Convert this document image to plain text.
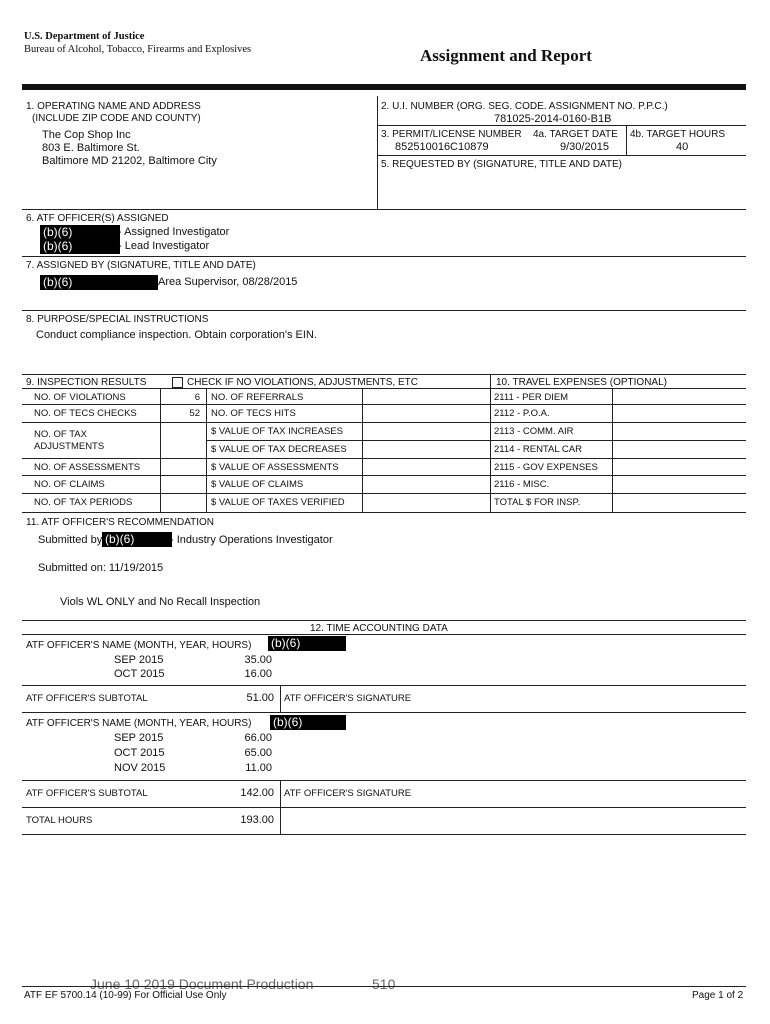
U.S. Department of Justice
Bureau of Alcohol, Tobacco, Firearms and Explosives	Assignment and Report
1. OPERATING NAME AND ADDRESS
(INCLUDE ZIP CODE AND COUNTY)
The Cop Shop Inc
803 E. Baltimore St.
Baltimore MD 21202, Baltimore City
2. U.I. NUMBER (ORG. SEG. CODE. ASSIGNMENT NO. P.P.C.)
781025-2014-0160-B1B
3. PERMIT/LICENSE NUMBER 4a. TARGET DATE 4b. TARGET HOURS
852510016C10879	9/30/2015	40
5. REQUESTED BY (SIGNATURE, TITLE AND DATE)
6. ATF OFFICER(S) ASSIGNED
(b)(6)	- Assigned Investigator
(b)(6)	- Lead Investigator
7. ASSIGNED BY (SIGNATURE, TITLE AND DATE)
(b)(6)	Area Supervisor, 08/28/2015
8. PURPOSE/SPECIAL INSTRUCTIONS
Conduct compliance inspection. Obtain corporation's EIN.
9. INSPECTION RESULTS	CHECK IF NO VIOLATIONS, ADJUSTMENTS, ETC	10. TRAVEL EXPENSES (OPTIONAL)
NO. OF VIOLATIONS	6 NO. OF REFERRALS	2111 - PER DIEM
NO. OF TECS CHECKS	52 NO. OF TECS HITS	2112 - P.O.A.
NO. OF TAX ADJUSTMENTS
$ VALUE OF TAX INCREASES	2113 - COMM. AIR
$ VALUE OF TAX DECREASES	2114 - RENTAL CAR
NO. OF ASSESSMENTS	$ VALUE OF ASSESSMENTS	2115 - GOV EXPENSES
NO. OF CLAIMS	$ VALUE OF CLAIMS	2116 - MISC.
NO. OF TAX PERIODS	$ VALUE OF TAXES VERIFIED	TOTAL $ FOR INSP.
11. ATF OFFICER'S RECOMMENDATION
Submitted by (b)(6)	- Industry Operations Investigator
Submitted on: 11/19/2015
Viols WL ONLY and No Recall Inspection
12. TIME ACCOUNTING DATA
ATF OFFICER'S NAME (MONTH, YEAR, HOURS) (b)(6)
SEP 2015	35.00
OCT 2015	16.00
ATF OFFICER'S SUBTOTAL	51.00 ATF OFFICER'S SIGNATURE
ATF OFFICER'S NAME (MONTH, YEAR, HOURS) (b)(6)
SEP 2015	66.00
OCT 2015	65.00
NOV 2015	11.00
ATF OFFICER'S SUBTOTAL	142.00 ATF OFFICER'S SIGNATURE
TOTAL HOURS	193.00
June 10 2019 Document Production	510
ATF EF 5700.14 (10-99) For Official Use Only	Page 1 of 2
